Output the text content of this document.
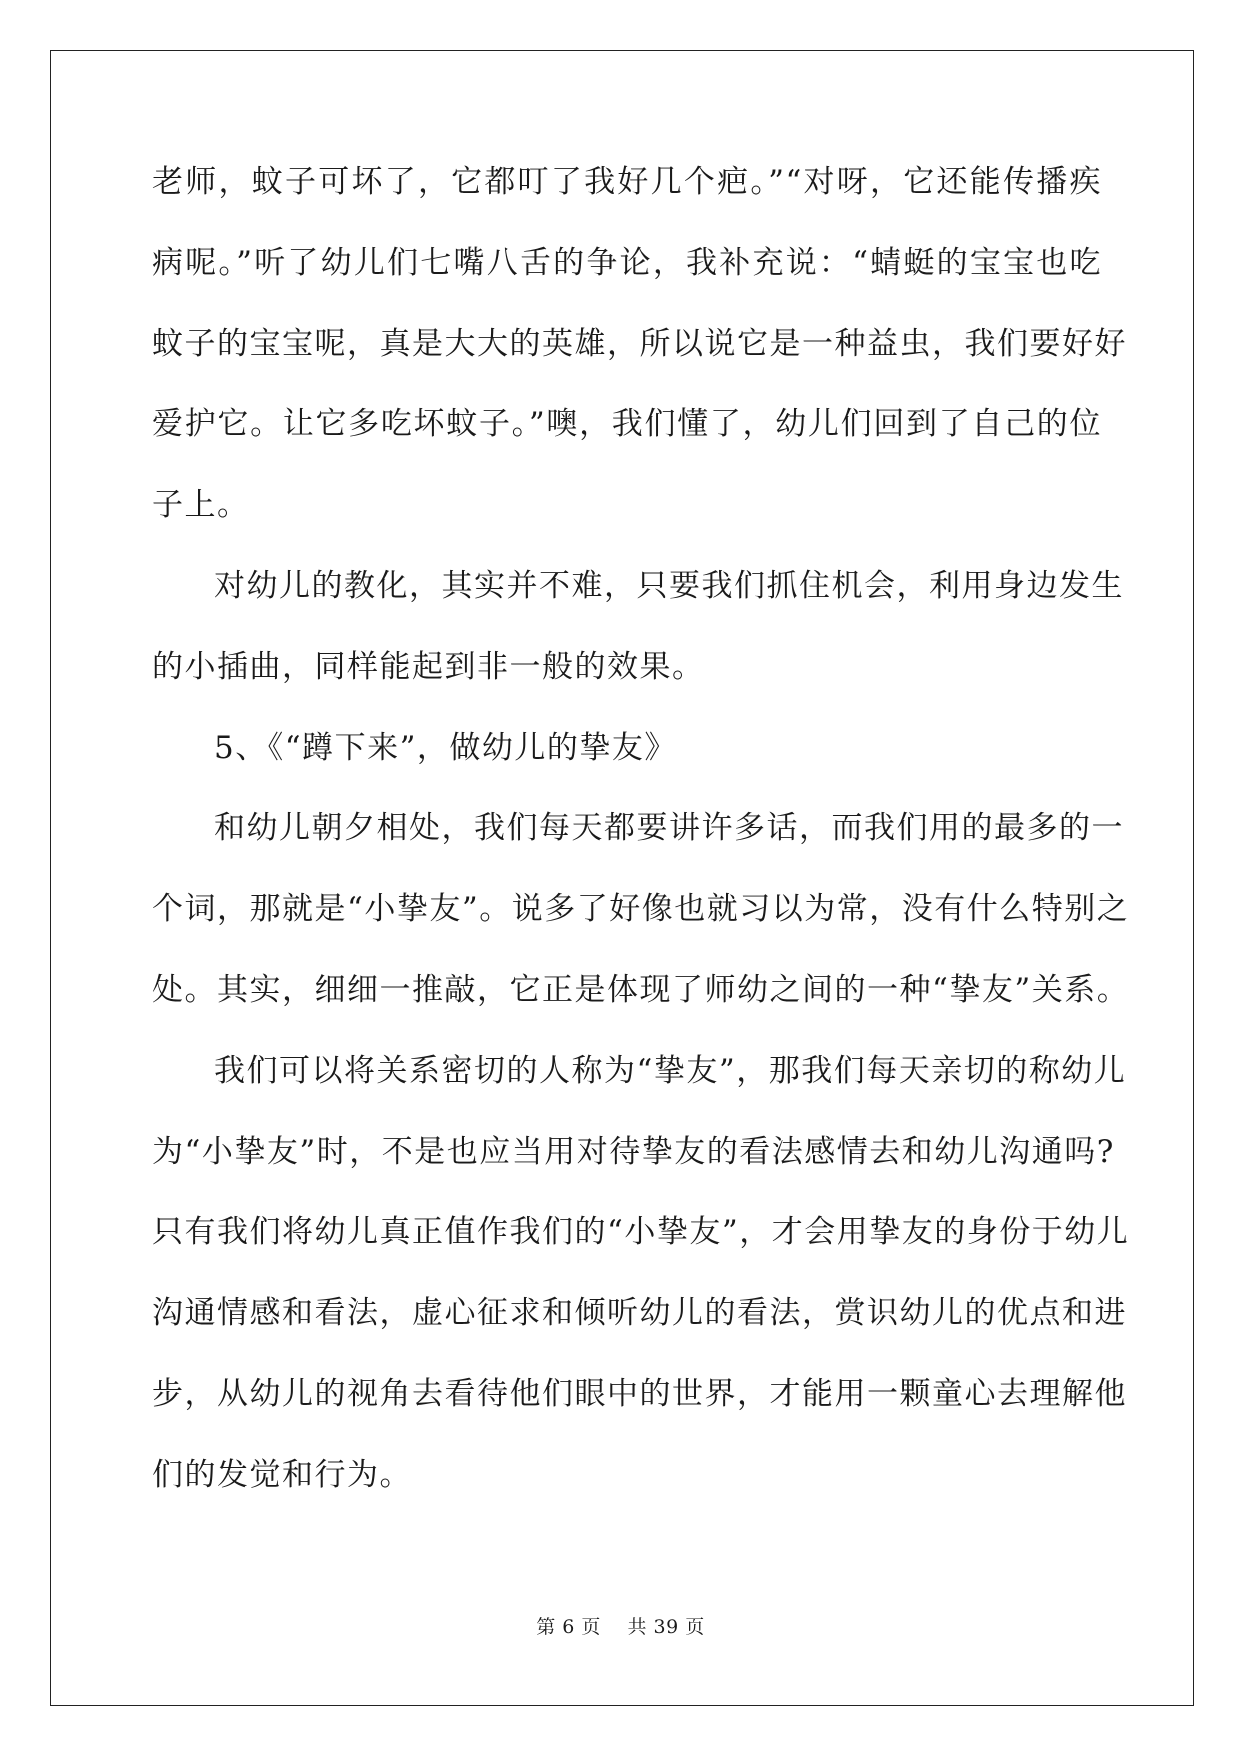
老师，蚊子可坏了，它都叮了我好几个疤。”“对呀，它还能传播疾
病呢。”听了幼儿们七嘴八舌的争论，我补充说：“蜻蜓的宝宝也吃
蚊子的宝宝呢，真是大大的英雄，所以说它是一种益虫，我们要好好
爱护它。让它多吃坏蚊子。”噢，我们懂了，幼儿们回到了自己的位
子上。
对幼儿的教化，其实并不难，只要我们抓住机会，利用身边发生
的小插曲，同样能起到非一般的效果。
5、《“蹲下来”，做幼儿的挚友》
和幼儿朝夕相处，我们每天都要讲许多话，而我们用的最多的一
个词，那就是“小挚友”。说多了好像也就习以为常，没有什么特别之
处。其实，细细一推敲，它正是体现了师幼之间的一种“挚友”关系。
我们可以将关系密切的人称为“挚友”，那我们每天亲切的称幼儿
为“小挚友”时，不是也应当用对待挚友的看法感情去和幼儿沟通吗?
只有我们将幼儿真正值作我们的“小挚友”，才会用挚友的身份于幼儿
沟通情感和看法，虚心征求和倾听幼儿的看法，赏识幼儿的优点和进
步，从幼儿的视角去看待他们眼中的世界，才能用一颗童心去理解他
们的发觉和行为。
第 6 页 共 39 页
